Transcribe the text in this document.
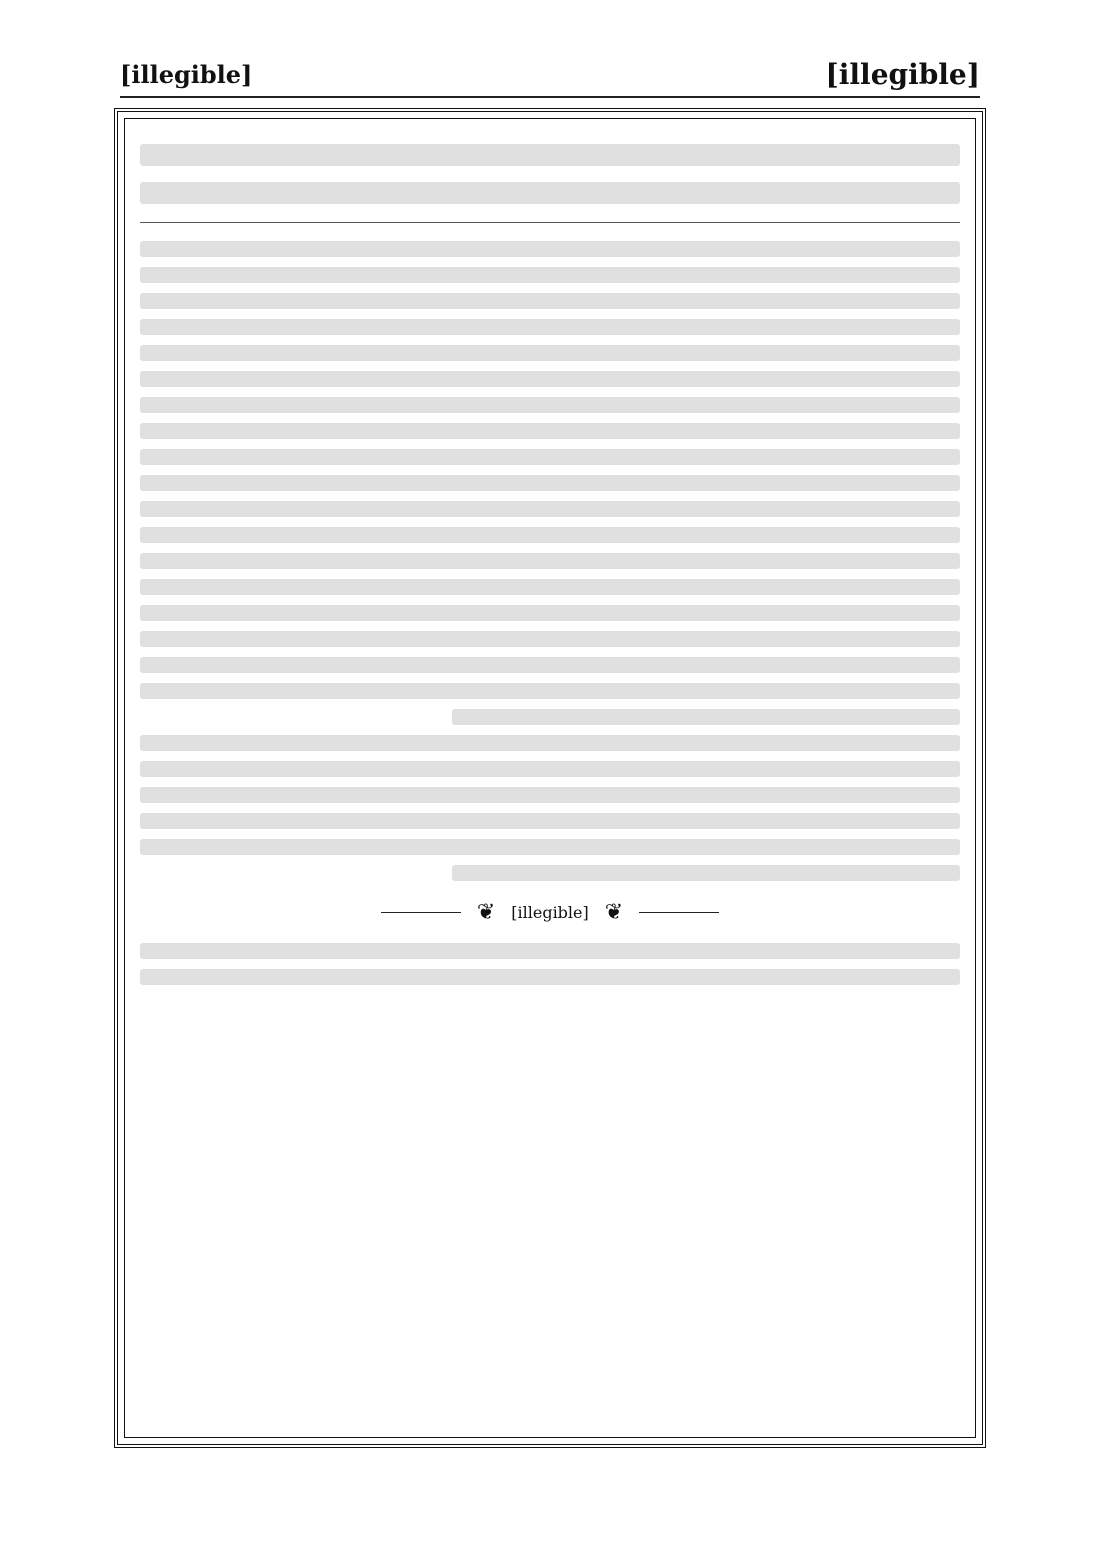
[illegible]
[illegible]
❦
[illegible]
❦
